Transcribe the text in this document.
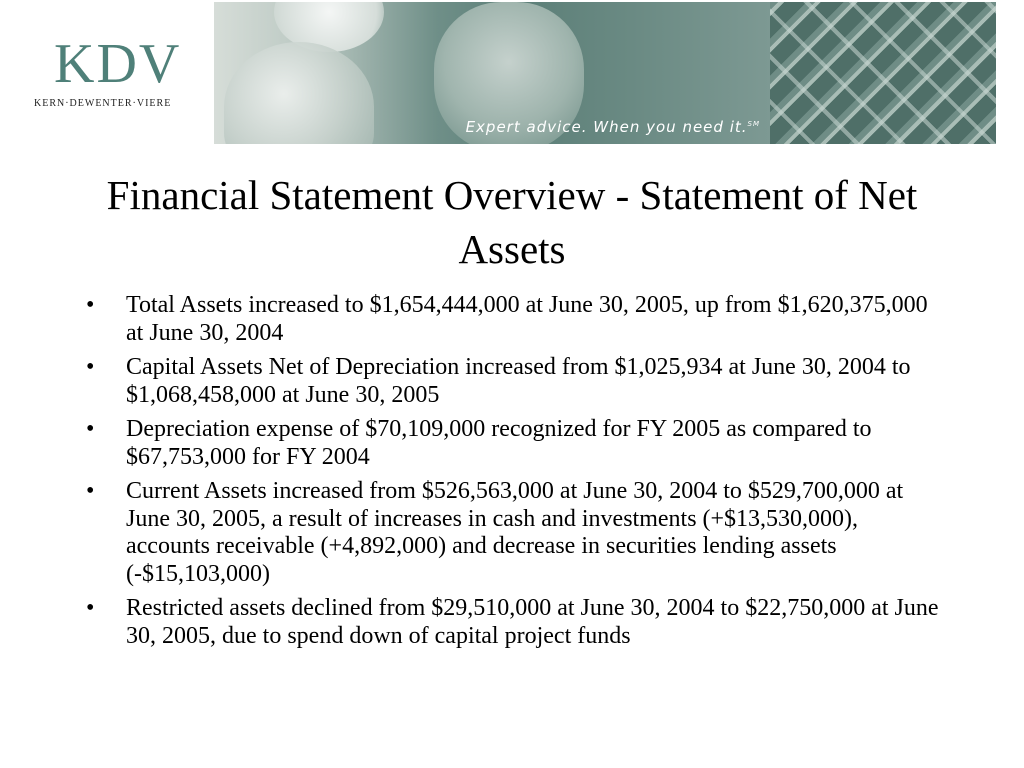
KDV
KERN·DEWENTER·VIERE
Expert advice. When you need it.℠
Financial Statement Overview - Statement of Net Assets
•	Total Assets increased to $1,654,444,000 at June 30, 2005, up from $1,620,375,000 at June 30, 2004
•	Capital Assets Net of Depreciation increased from $1,025,934 at June 30, 2004 to $1,068,458,000 at June 30, 2005
•	Depreciation expense of $70,109,000 recognized for FY 2005 as compared to $67,753,000 for FY 2004
•	Current Assets increased from $526,563,000 at June 30, 2004 to $529,700,000 at June 30, 2005, a result of increases in cash and investments (+$13,530,000), accounts receivable (+4,892,000) and decrease in securities lending assets (-$15,103,000)
•	Restricted assets declined from $29,510,000 at June 30, 2004 to $22,750,000 at June 30, 2005, due to spend down of capital project funds
